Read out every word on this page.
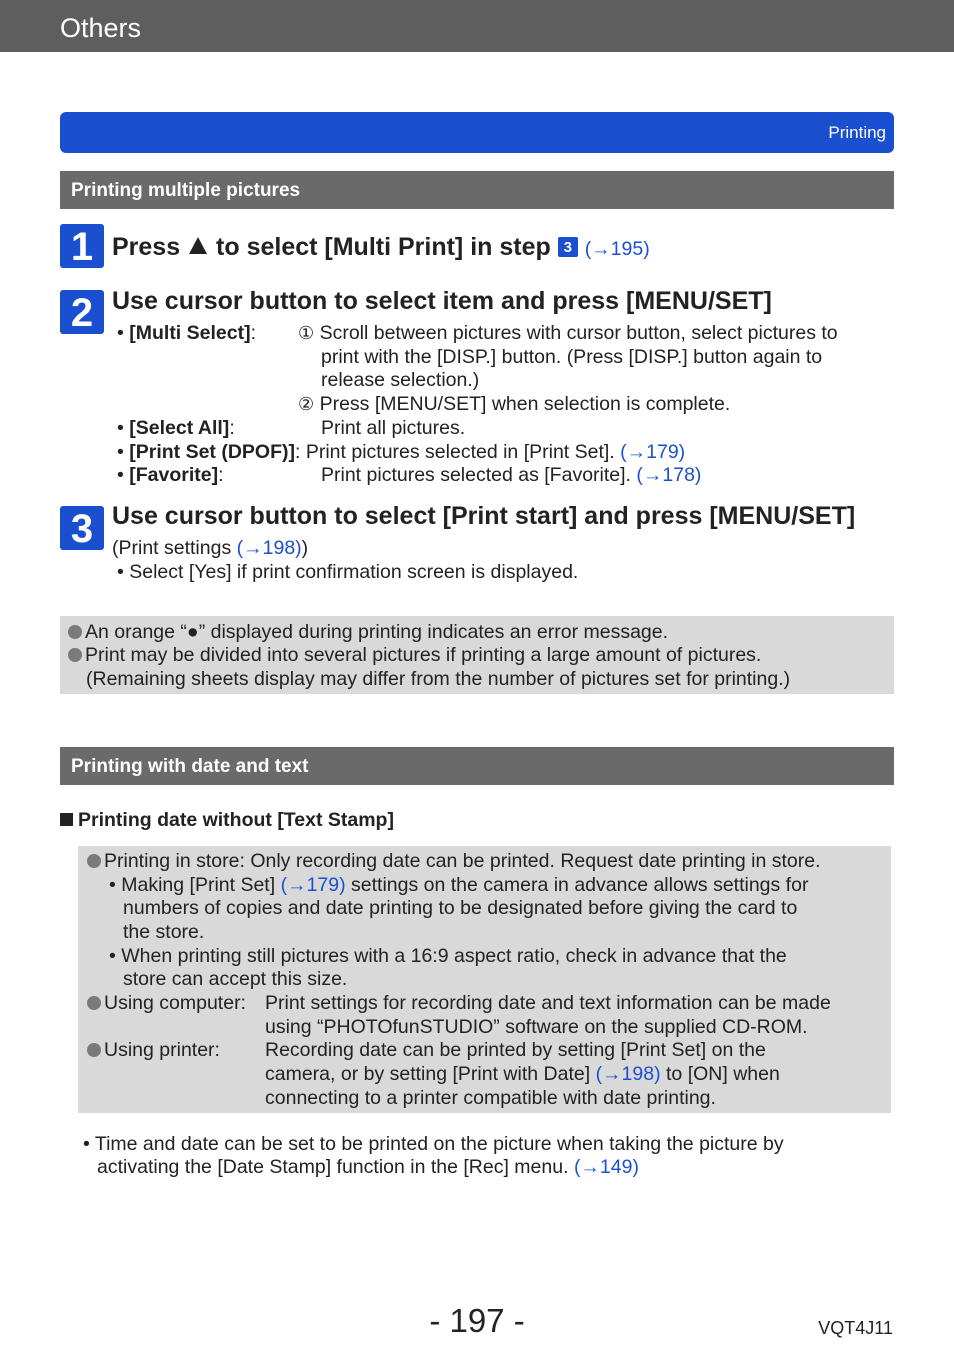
Others
Printing
Printing multiple pictures
1 Press to select [Multi Print] in step 3 (→195)
2 Use cursor button to select item and press [MENU/SET]
• [Multi Select]: ① Scroll between pictures with cursor button, select pictures to
print with the [DISP.] button. (Press [DISP.] button again to
release selection.)
② Press [MENU/SET] when selection is complete.
• [Select All]:	Print all pictures.
• [Print Set (DPOF)]: Print pictures selected in [Print Set]. (→179)
• [Favorite]:	Print pictures selected as [Favorite]. (→178)
3 Use cursor button to select [Print start] and press [MENU/SET]
(Print settings (→198))
• Select [Yes] if print confirmation screen is displayed.
An orange “●” displayed during printing indicates an error message.
Print may be divided into several pictures if printing a large amount of pictures.
(Remaining sheets display may differ from the number of pictures set for printing.)
Printing with date and text
Printing date without [Text Stamp]
Printing in store: Only recording date can be printed. Request date printing in store.
• Making [Print Set] (→179) settings on the camera in advance allows settings for
numbers of copies and date printing to be designated before giving the card to
the store.
• When printing still pictures with a 16:9 aspect ratio, check in advance that the
store can accept this size.
Using computer: Print settings for recording date and text information can be made
using “PHOTOfunSTUDIO” software on the supplied CD-ROM.
Using printer: Recording date can be printed by setting [Print Set] on the
camera, or by setting [Print with Date] (→198) to [ON] when
connecting to a printer compatible with date printing.
• Time and date can be set to be printed on the picture when taking the picture by
activating the [Date Stamp] function in the [Rec] menu. (→149)
- 197 -	VQT4J11
